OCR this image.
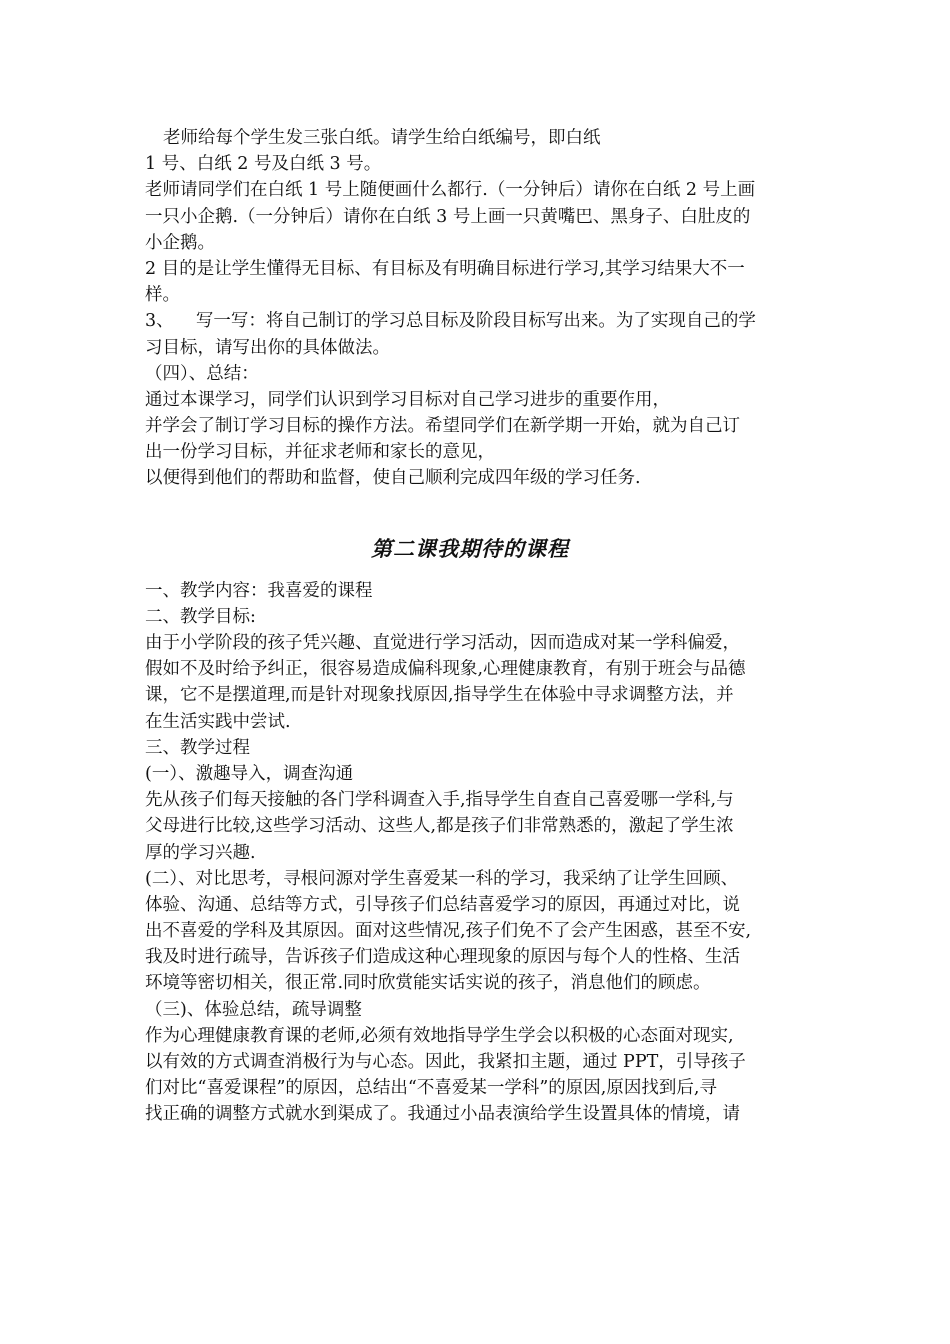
老师给每个学生发三张白纸。请学生给白纸编号，即白纸
1 号、白纸 2 号及白纸 3 号。
老师请同学们在白纸 1 号上随便画什么都行.（一分钟后）请你在白纸 2 号上画
一只小企鹅.（一分钟后）请你在白纸 3 号上画一只黄嘴巴、黑身子、白肚皮的
小企鹅。
2 目的是让学生懂得无目标、有目标及有明确目标进行学习,其学习结果大不一
样。
3、    写一写：将自己制订的学习总目标及阶段目标写出来。为了实现自己的学
习目标，请写出你的具体做法。
（四）、总结：
通过本课学习，同学们认识到学习目标对自己学习进步的重要作用，
并学会了制订学习目标的操作方法。希望同学们在新学期一开始，就为自己订
出一份学习目标，并征求老师和家长的意见，
以便得到他们的帮助和监督，使自己顺利完成四年级的学习任务.
第二课我期待的课程
一、教学内容：我喜爱的课程
二、教学目标:
由于小学阶段的孩子凭兴趣、直觉进行学习活动，因而造成对某一学科偏爱，
假如不及时给予纠正，很容易造成偏科现象,心理健康教育，有别于班会与品德
课，它不是摆道理,而是针对现象找原因,指导学生在体验中寻求调整方法，并
在生活实践中尝试.
三、教学过程
(一）、激趣导入，调查沟通
先从孩子们每天接触的各门学科调查入手,指导学生自查自己喜爱哪一学科,与
父母进行比较,这些学习活动、这些人,都是孩子们非常熟悉的，激起了学生浓
厚的学习兴趣.
(二）、对比思考，寻根问源对学生喜爱某一科的学习，我采纳了让学生回顾、
体验、沟通、总结等方式，引导孩子们总结喜爱学习的原因，再通过对比，说
出不喜爱的学科及其原因。面对这些情况,孩子们免不了会产生困惑，甚至不安,
我及时进行疏导，告诉孩子们造成这种心理现象的原因与每个人的性格、生活
环境等密切相关，很正常.同时欣赏能实话实说的孩子，消息他们的顾虑。
（三)、体验总结，疏导调整
作为心理健康教育课的老师,必须有效地指导学生学会以积极的心态面对现实,
以有效的方式调查消极行为与心态。因此，我紧扣主题，通过 PPT，引导孩子
们对比“喜爱课程”的原因，总结出“不喜爱某一学科”的原因,原因找到后,寻
找正确的调整方式就水到渠成了。我通过小品表演给学生设置具体的情境，请
